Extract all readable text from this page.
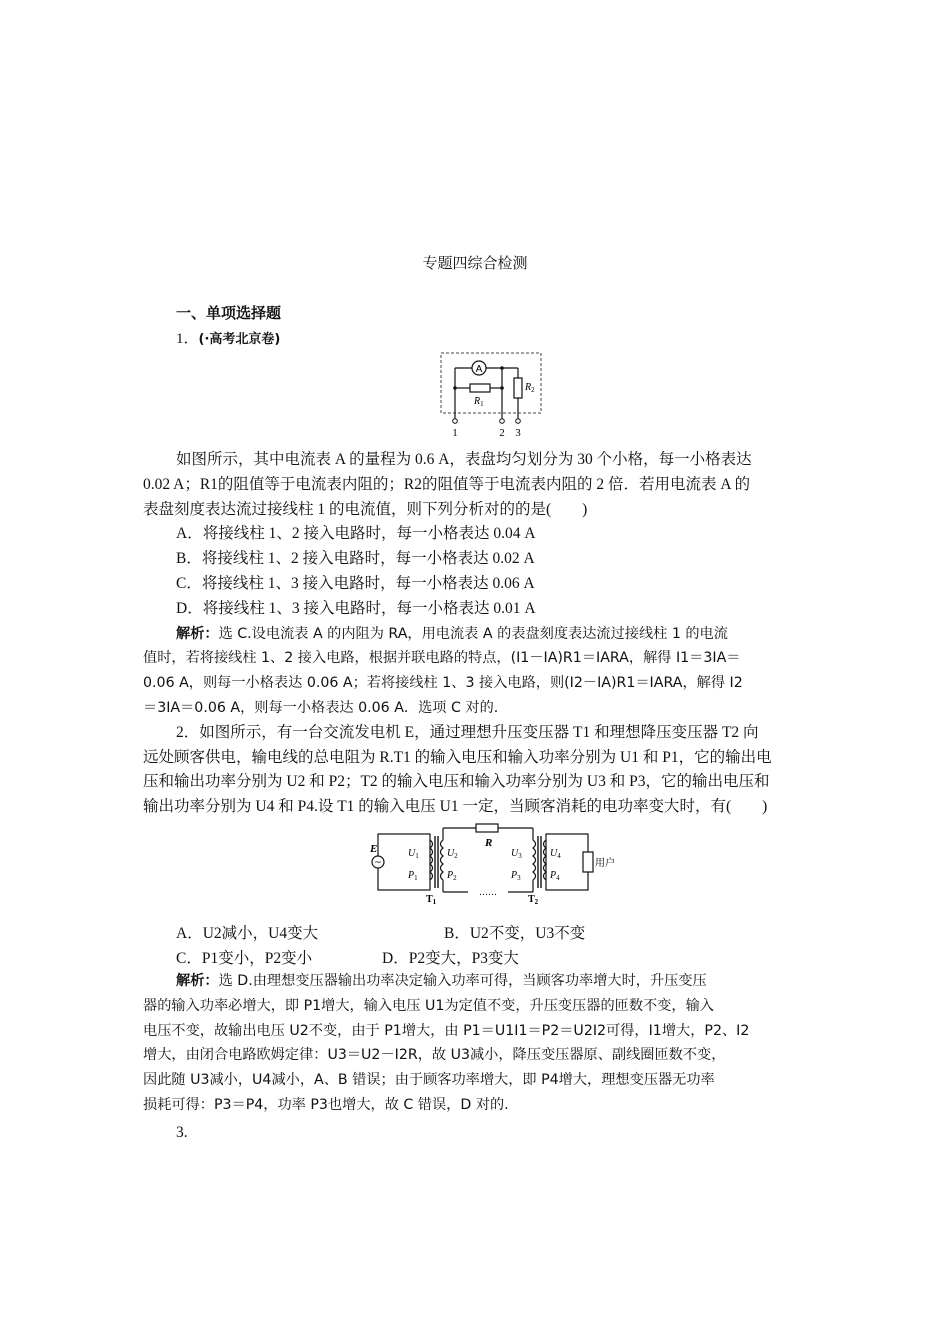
专题四综合检测
一、单项选择题
1．(·高考北京卷)
A
$R_1$
$R_2$
1	2 3

如图所示，其中电流表 A 的量程为 0.6 A，表盘均匀划分为 30 个小格，每一小格表达

0.02 A；R1的阻值等于电流表内阻的；R2的阻值等于电流表内阻的 2 倍．若用电流表 A 的

表盘刻度表达流过接线柱 1 的电流值，则下列分析对的的是(　　)

A．将接线柱 1、2 接入电路时，每一小格表达 0.04 A

B．将接线柱 1、2 接入电路时，每一小格表达 0.02 A

C．将接线柱 1、3 接入电路时，每一小格表达 0.06 A

D．将接线柱 1、3 接入电路时，每一小格表达 0.01 A

解析：选 C.设电流表 A 的内阻为 RA，用电流表 A 的表盘刻度表达流过接线柱 1 的电流

值时，若将接线柱 1、2 接入电路，根据并联电路的特点，(I1－IA)R1＝IARA，解得 I1＝3IA＝

0.06 A，则每一小格表达 0.06 A；若将接线柱 1、3 接入电路，则(I2－IA)R1＝IARA，解得 I2

＝3IA＝0.06 A，则每一小格表达 0.06 A．选项 C 对的.

2．如图所示，有一台交流发电机 E，通过理想升压变压器 T1 和理想降压变压器 T2 向

远处顾客供电，输电线的总电阻为 R.T1 的输入电压和输入功率分别为 U1 和 P1，它的输出电

压和输出功率分别为 U2 和 P2；T2 的输入电压和输入功率分别为 U3 和 P3，它的输出电压和

输出功率分别为 U4 和 P4.设 T1 的输入电压 U1 一定，当顾客消耗的电功率变大时，有(　　)

~
E	$U_1$
$P_1$
$T_1$
……
R
$U_2$
$P_2$
$U_3$
$P_3$
$T_2$
$U_4$
$P_4$
用户
A．U2减小，U4变大	B．U2不变，U3不变
C．P1变小，P2变小	D．P2变大，P3变大

解析：选 D.由理想变压器输出功率决定输入功率可得，当顾客功率增大时，升压变压

器的输入功率必增大，即 P1增大，输入电压 U1为定值不变，升压变压器的匝数不变，输入

电压不变，故输出电压 U2不变，由于 P1增大，由 P1＝U1I1＝P2＝U2I2可得，I1增大，P2、I2

增大，由闭合电路欧姆定律：U3＝U2－I2R，故 U3减小，降压变压器原、副线圈匝数不变，

因此随 U3减小，U4减小，A、B 错误；由于顾客功率增大，即 P4增大，理想变压器无功率

损耗可得：P3＝P4，功率 P3也增大，故 C 错误，D 对的.

3.
